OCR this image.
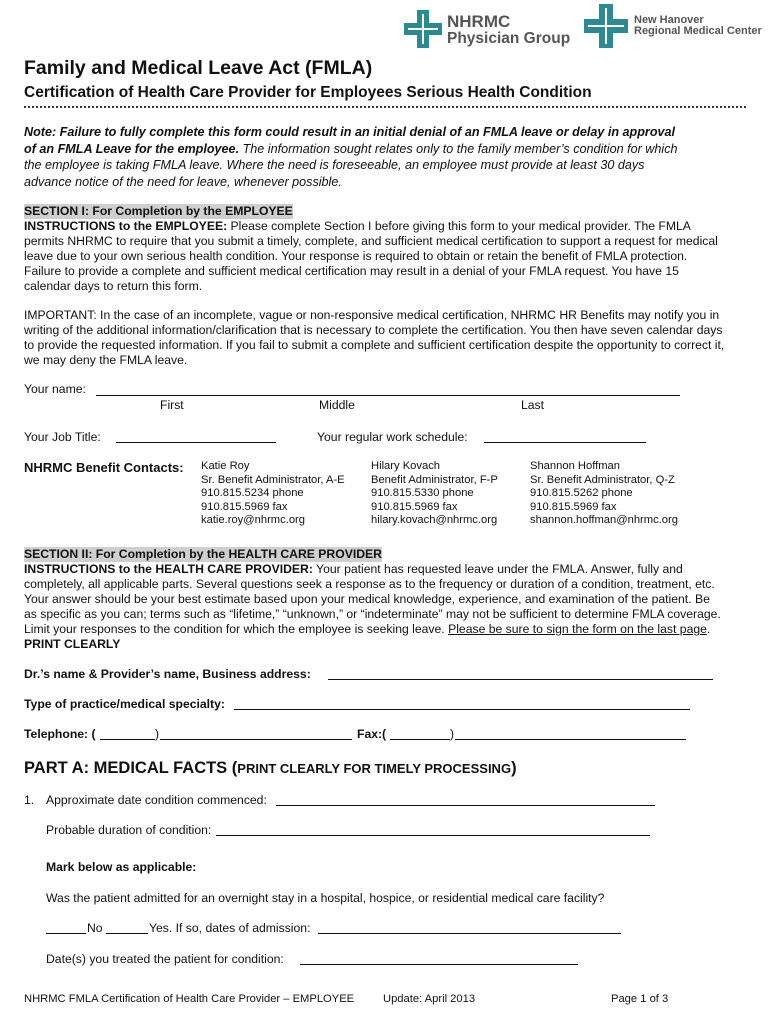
NHRMC
Physician Group
New Hanover
Regional Medical Center
Family and Medical Leave Act (FMLA)
Certification of Health Care Provider for Employees Serious Health Condition
Note: Failure to fully complete this form could result in an initial denial of an FMLA leave or delay in approval
of an FMLA Leave for the employee. The information sought relates only to the family member’s condition for which
the employee is taking FMLA leave. Where the need is foreseeable, an employee must provide at least 30 days
advance notice of the need for leave, whenever possible.
SECTION I: For Completion by the EMPLOYEE
INSTRUCTIONS to the EMPLOYEE: Please complete Section I before giving this form to your medical provider. The FMLA
permits NHRMC to require that you submit a timely, complete, and sufficient medical certification to support a request for medical
leave due to your own serious health condition. Your response is required to obtain or retain the benefit of FMLA protection.
Failure to provide a complete and sufficient medical certification may result in a denial of your FMLA request. You have 15
calendar days to return this form.
IMPORTANT: In the case of an incomplete, vague or non-responsive medical certification, NHRMC HR Benefits may notify you in
writing of the additional information/clarification that is necessary to complete the certification. You then have seven calendar days
to provide the requested information. If you fail to submit a complete and sufficient certification despite the opportunity to correct it,
we may deny the FMLA leave.
Your name:
First	Middle	Last
Your Job Title:	Your regular work schedule:
NHRMC Benefit Contacts: Katie Roy
Sr. Benefit Administrator, A-E
910.815.5234 phone
910.815.5969 fax
katie.roy@nhrmc.org
Hilary Kovach
Benefit Administrator, F-P
910.815.5330 phone
910.815.5969 fax
hilary.kovach@nhrmc.org
Shannon Hoffman
Sr. Benefit Administrator, Q-Z
910.815.5262 phone
910.815.5969 fax
shannon.hoffman@nhrmc.org
SECTION II: For Completion by the HEALTH CARE PROVIDER
INSTRUCTIONS to the HEALTH CARE PROVIDER: Your patient has requested leave under the FMLA. Answer, fully and
completely, all applicable parts. Several questions seek a response as to the frequency or duration of a condition, treatment, etc.
Your answer should be your best estimate based upon your medical knowledge, experience, and examination of the patient. Be
as specific as you can; terms such as “lifetime,” “unknown,” or “indeterminate” may not be sufficient to determine FMLA coverage.
Limit your responses to the condition for which the employee is seeking leave. Please be sure to sign the form on the last page.
PRINT CLEARLY
Dr.’s name & Provider’s name, Business address:
Type of practice/medical specialty:
Telephone: (	)	Fax:(	)
PART A: MEDICAL FACTS (PRINT CLEARLY FOR TIMELY PROCESSING)
1. Approximate date condition commenced:
Probable duration of condition:
Mark below as applicable:
Was the patient admitted for an overnight stay in a hospital, hospice, or residential medical care facility?
No	Yes. If so, dates of admission:
Date(s) you treated the patient for condition:
NHRMC FMLA Certification of Health Care Provider – EMPLOYEE	Update: April 2013	Page 1 of 3
